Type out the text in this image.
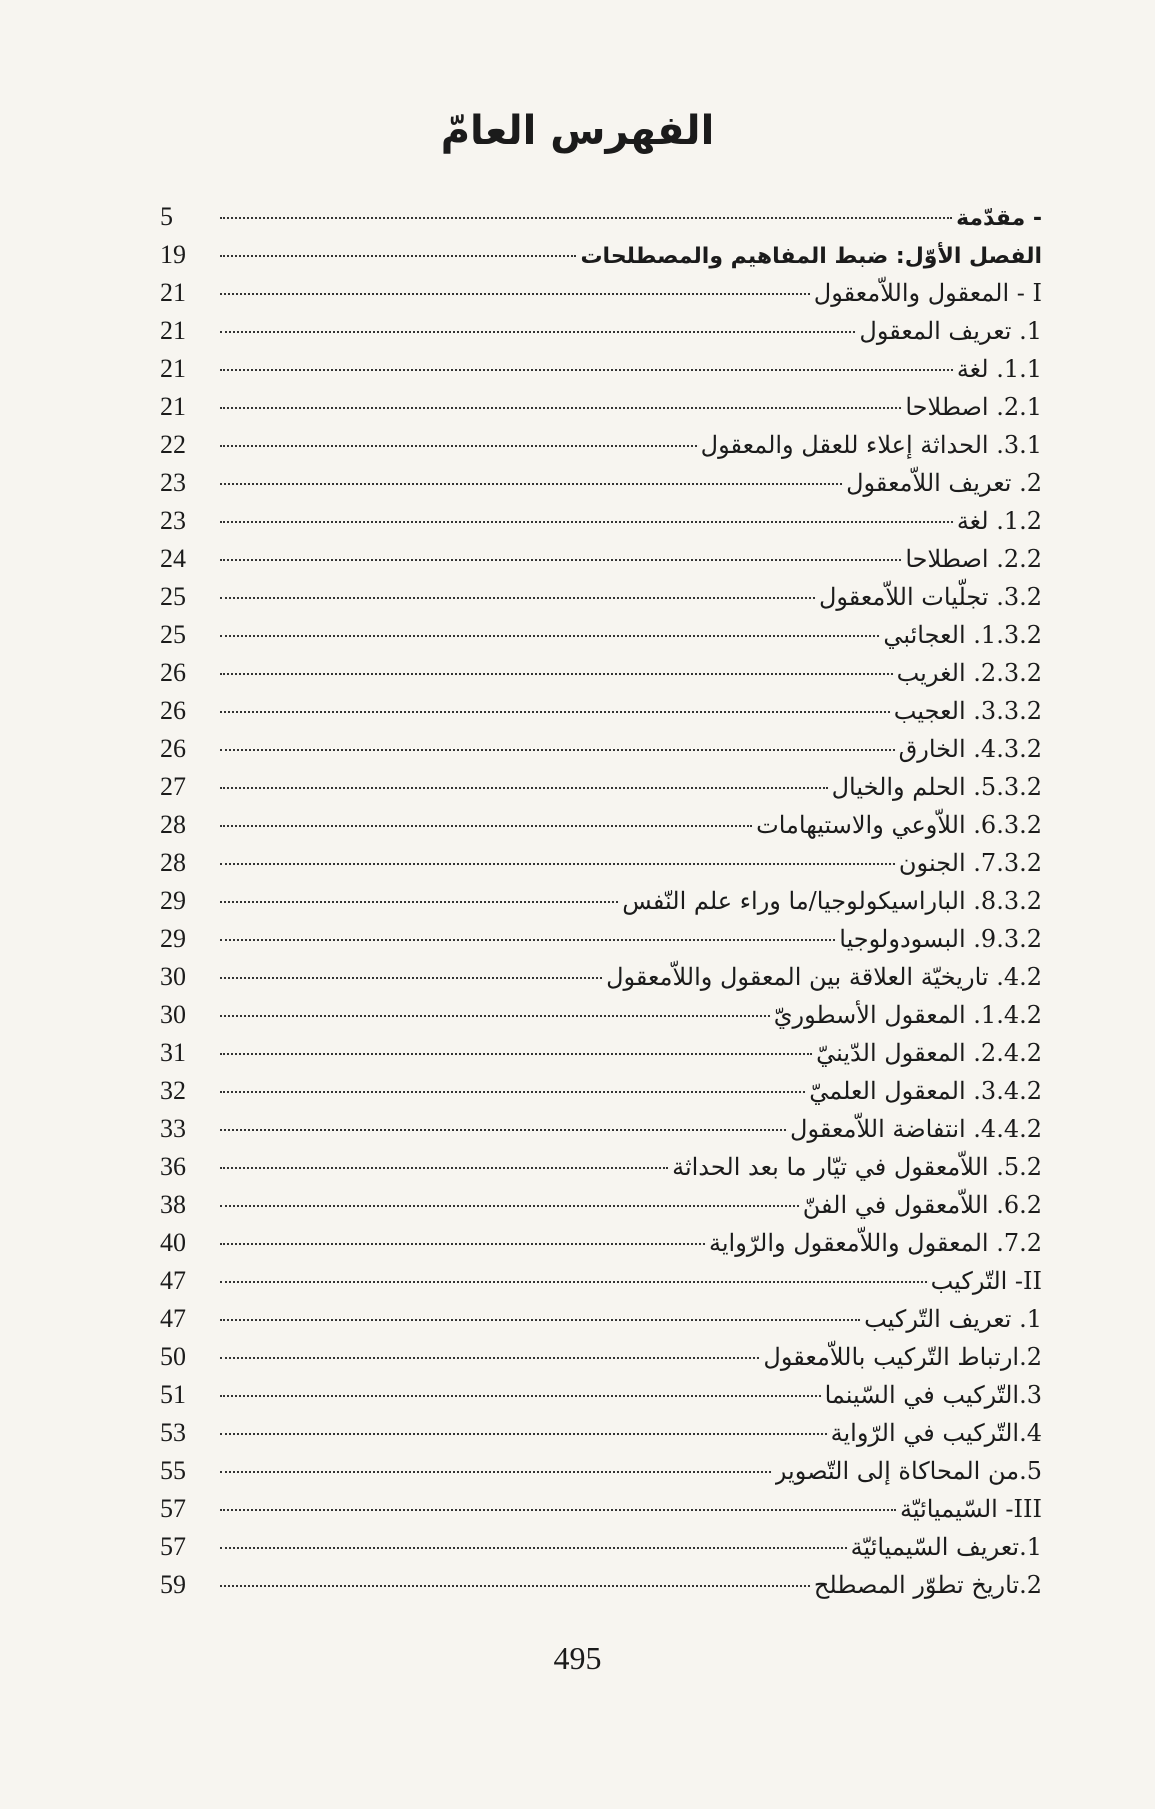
الفهرس العامّ
- مقدّمة
5
الفصل الأوّل: ضبط المفاهيم والمصطلحات
19
I - المعقول واللاّمعقول
21
1. تعريف المعقول
21
1.1. لغة
21
2.1. اصطلاحا
21
3.1. الحداثة إعلاء للعقل والمعقول
22
2. تعريف اللاّمعقول
23
1.2. لغة
23
2.2. اصطلاحا
24
3.2. تجلّيات اللاّمعقول
25
1.3.2. العجائبي
25
2.3.2. الغريب
26
3.3.2. العجيب
26
4.3.2. الخارق
26
5.3.2. الحلم والخيال
27
6.3.2. اللاّوعي والاستيهامات
28
7.3.2. الجنون
28
8.3.2. الباراسيكولوجيا/ما وراء علم النّفس
29
9.3.2. البسودولوجيا
29
4.2. تاريخيّة العلاقة بين المعقول واللاّمعقول
30
1.4.2. المعقول الأسطوريّ
30
2.4.2. المعقول الدّينيّ
31
3.4.2. المعقول العلميّ
32
4.4.2. انتفاضة اللاّمعقول
33
5.2. اللاّمعقول في تيّار ما بعد الحداثة
36
6.2. اللاّمعقول في الفنّ
38
7.2. المعقول واللاّمعقول والرّواية
40
II- التّركيب
47
1. تعريف التّركيب
47
2.ارتباط التّركيب باللاّمعقول
50
3.التّركيب في السّينما
51
4.التّركيب في الرّواية
53
5.من المحاكاة إلى التّصوير
55
III- السّيميائيّة
57
1.تعريف السّيميائيّة
57
2.تاريخ تطوّر المصطلح
59
495
